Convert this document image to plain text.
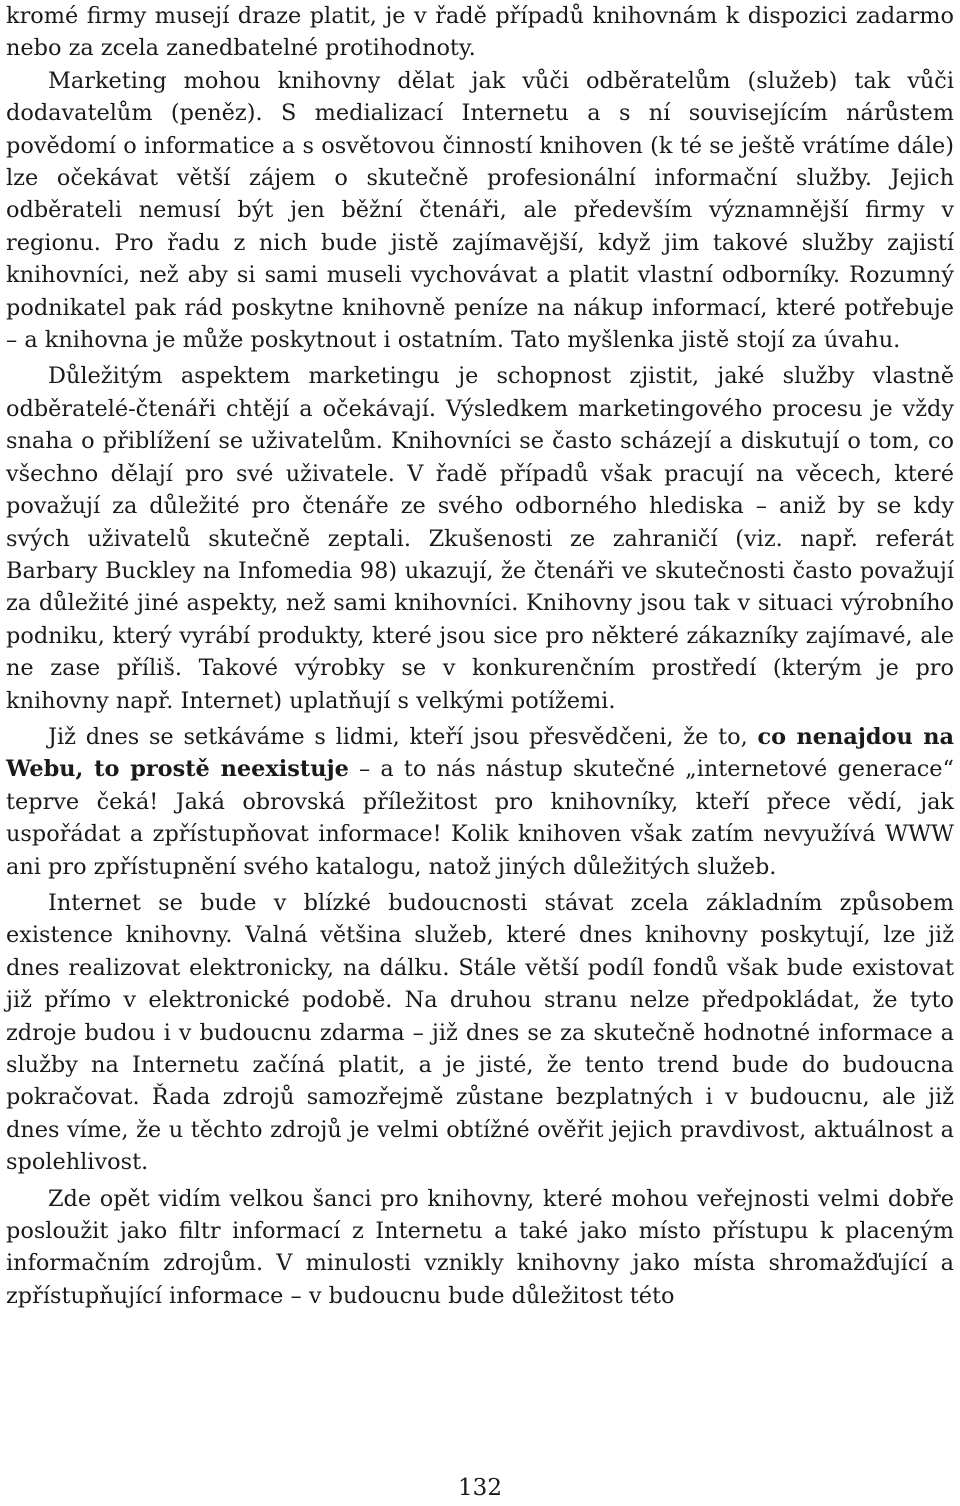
kromé firmy musejí draze platit, je v řadě případů knihovnám k dispozici zadarmo nebo za zcela zanedbatelné protihodnoty.

Marketing mohou knihovny dělat jak vůči odběratelům (služeb) tak vůči dodavatelům (peněz). S medializací Internetu a s ní souvisejícím nárůstem povědomí o informatice a s osvětovou činností knihoven (k té se ještě vrátíme dále) lze očekávat větší zájem o skutečně profesionální informační služby. Jejich odběrateli nemusí být jen běžní čtenáři, ale především významnější firmy v regionu. Pro řadu z nich bude jistě zajímavější, když jim takové služby zajistí knihovníci, než aby si sami museli vychovávat a platit vlastní odborníky. Rozumný podnikatel pak rád poskytne knihovně peníze na nákup informací, které potřebuje – a knihovna je může poskytnout i ostatním. Tato myšlenka jistě stojí za úvahu.

Důležitým aspektem marketingu je schopnost zjistit, jaké služby vlastně odběratelé-čtenáři chtějí a očekávají. Výsledkem marketingového procesu je vždy snaha o přiblížení se uživatelům. Knihovníci se často scházejí a diskutují o tom, co všechno dělají pro své uživatele. V řadě případů však pracují na věcech, které považují za důležité pro čtenáře ze svého odborného hlediska – aniž by se kdy svých uživatelů skutečně zeptali. Zkušenosti ze zahraničí (viz. např. referát Barbary Buckley na Infomedia 98) ukazují, že čtenáři ve skutečnosti často považují za důležité jiné aspekty, než sami knihovníci. Knihovny jsou tak v situaci výrobního podniku, který vyrábí produkty, které jsou sice pro některé zákazníky zajímavé, ale ne zase příliš. Takové výrobky se v konkurenčním prostředí (kterým je pro knihovny např. Internet) uplatňují s velkými potížemi.

Již dnes se setkáváme s lidmi, kteří jsou přesvědčeni, že to, co nenajdou na Webu, to prostě neexistuje – a to nás nástup skutečné „internetové generace“ teprve čeká! Jaká obrovská příležitost pro knihovníky, kteří přece vědí, jak uspořádat a zpřístupňovat informace! Kolik knihoven však zatím nevyužívá WWW ani pro zpřístupnění svého katalogu, natož jiných důležitých služeb.

Internet se bude v blízké budoucnosti stávat zcela základním způsobem existence knihovny. Valná většina služeb, které dnes knihovny poskytují, lze již dnes realizovat elektronicky, na dálku. Stále větší podíl fondů však bude existovat již přímo v elektronické podobě. Na druhou stranu nelze předpokládat, že tyto zdroje budou i v budoucnu zdarma – již dnes se za skutečně hodnotné informace a služby na Internetu začíná platit, a je jisté, že tento trend bude do budoucna pokračovat. Řada zdrojů samozřejmě zůstane bezplatných i v budoucnu, ale již dnes víme, že u těchto zdrojů je velmi obtížné ověřit jejich pravdivost, aktuálnost a spolehlivost.

Zde opět vidím velkou šanci pro knihovny, které mohou veřejnosti velmi dobře posloužit jako filtr informací z Internetu a také jako místo přístupu k placeným informačním zdrojům. V minulosti vznikly knihovny jako místa shromažďující a zpřístupňující informace – v budoucnu bude důležitost této

132
